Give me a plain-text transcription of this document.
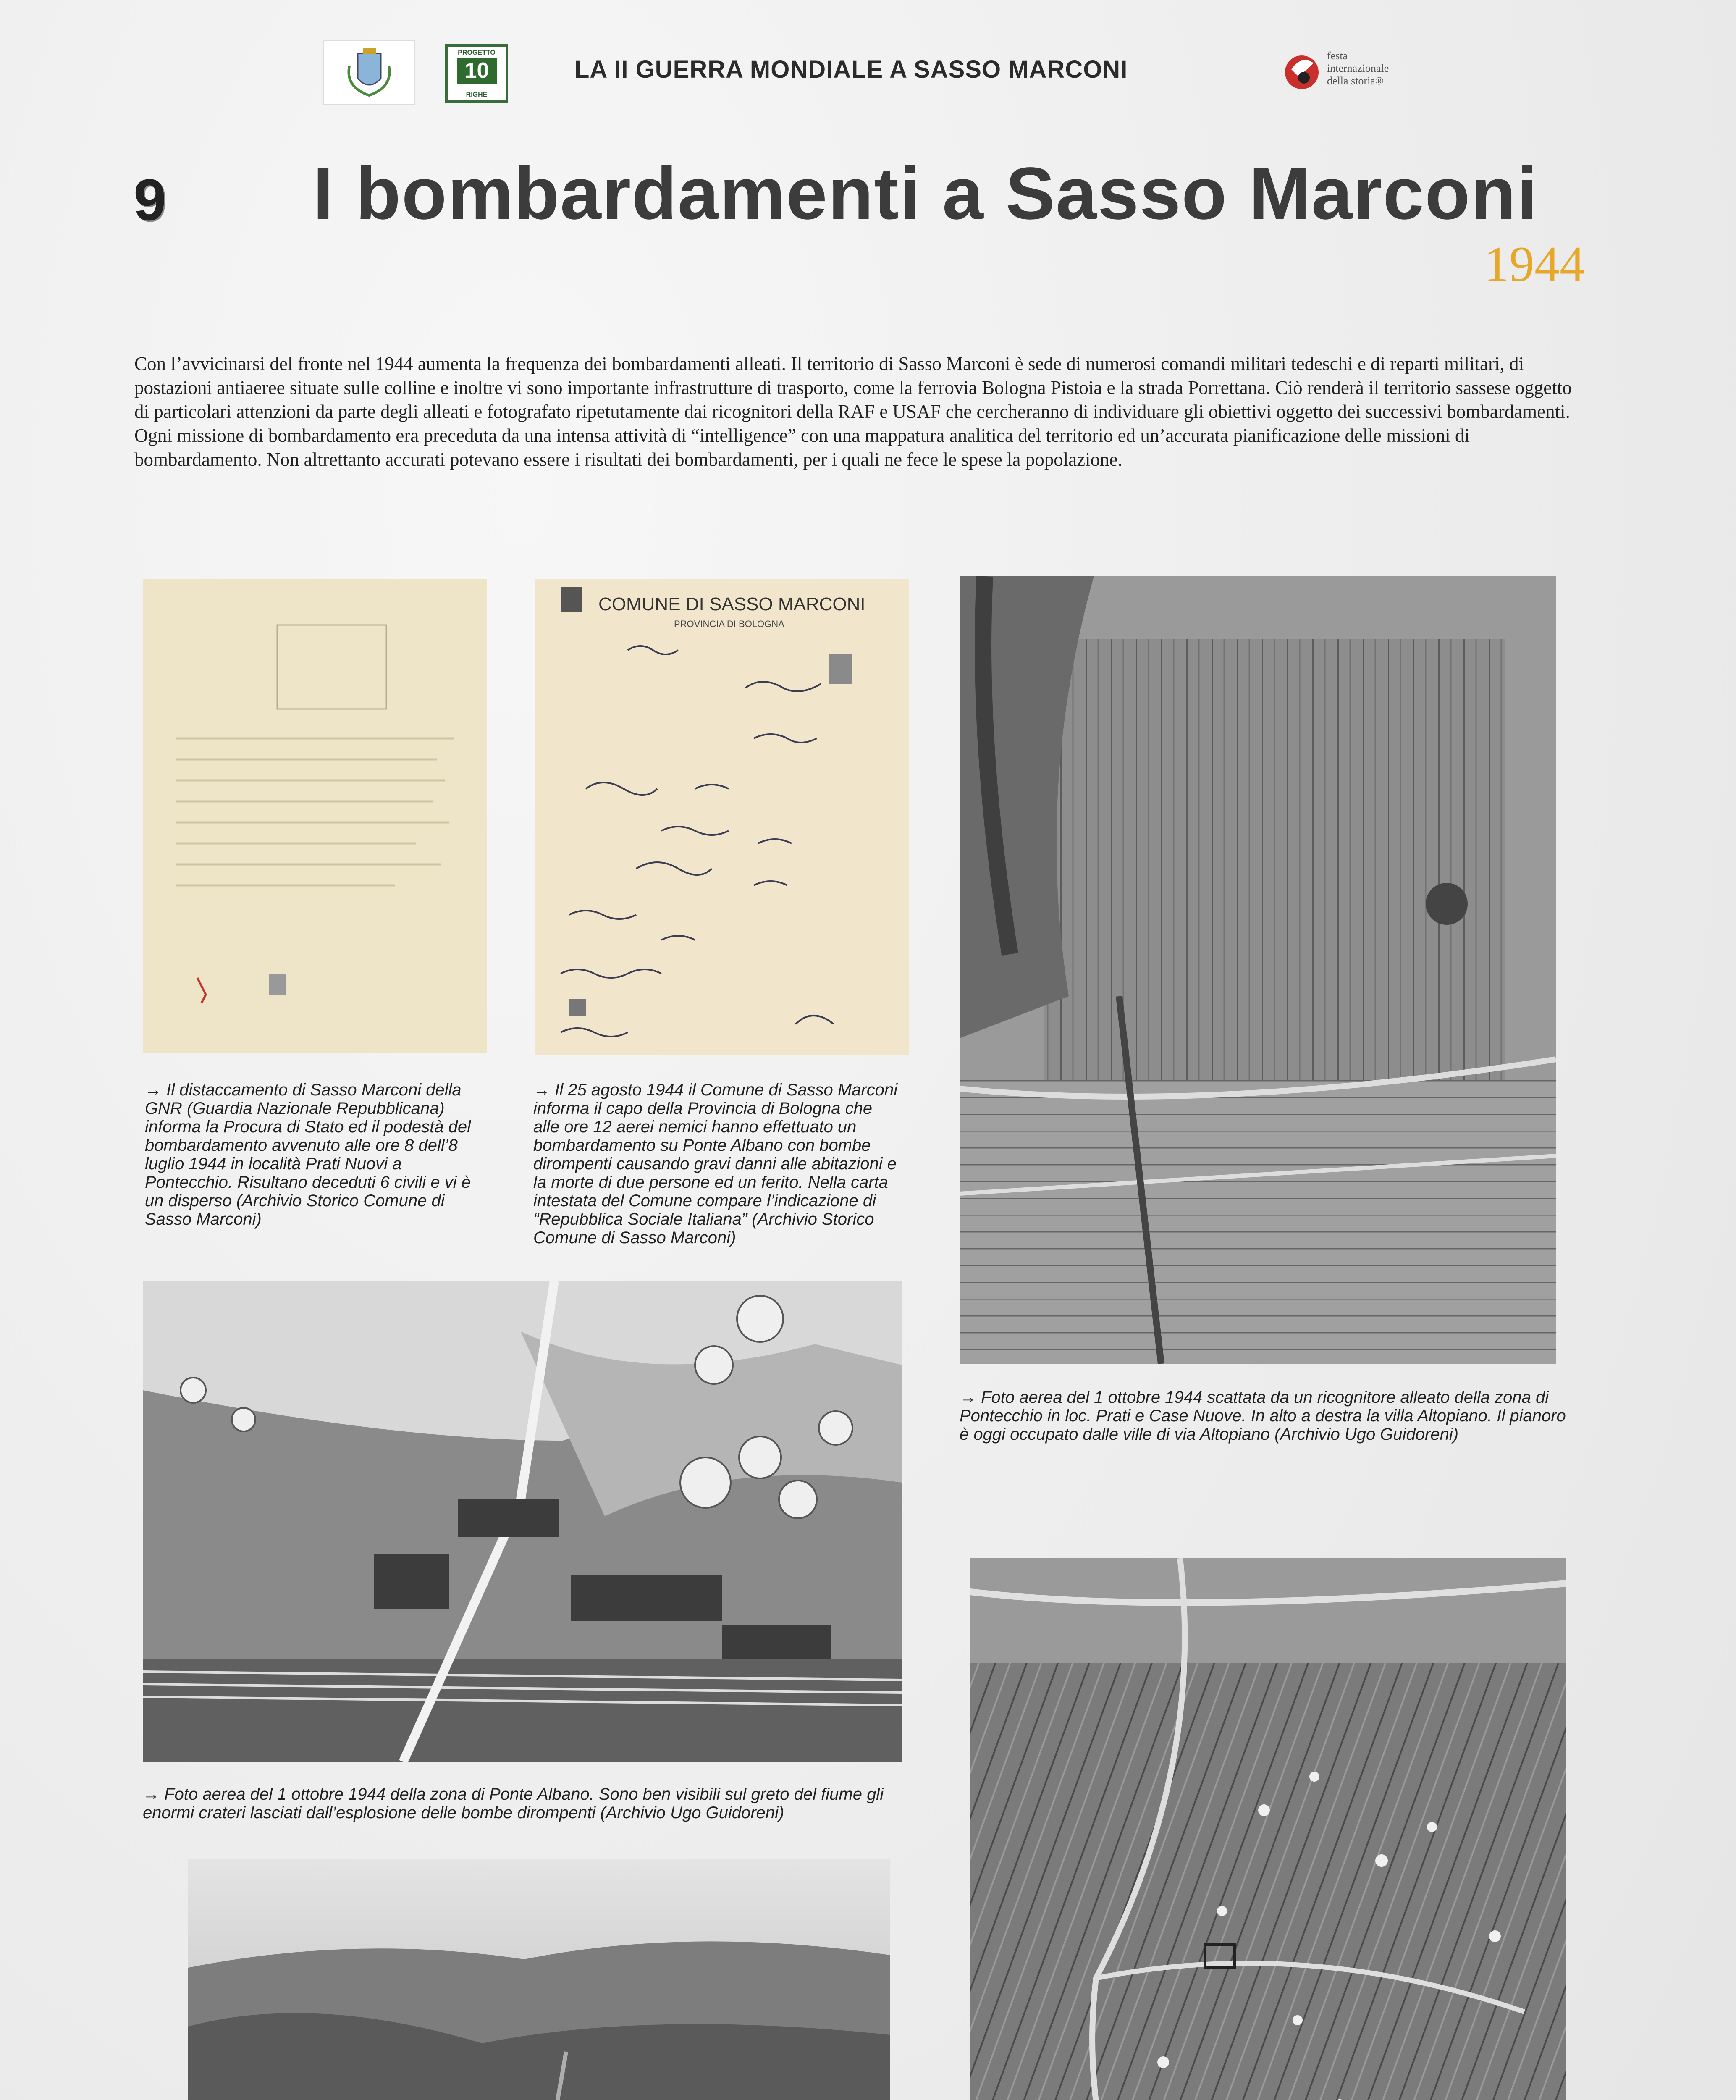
PROGETTO
10
RIGHE
LA II GUERRA MONDIALE A SASSO MARCONI
festa
internazionale
della storia®
9 I bombardamenti a Sasso Marconi
1944

Con l’avvicinarsi del fronte nel 1944 aumenta la frequenza dei bombardamenti alleati. Il territorio di Sasso Marconi è sede di numerosi comandi militari tedeschi e di reparti militari, di postazioni antiaeree situate sulle colline e inoltre vi sono importante infrastrutture di trasporto, come la ferrovia Bologna Pistoia e la strada Porrettana. Ciò renderà il territorio sassese oggetto di particolari attenzioni da parte degli alleati e fotografato ripetutamente dai ricognitori della RAF e USAF che cercheranno di individuare gli obiettivi oggetto dei successivi bombardamenti.

Ogni missione di bombardamento era preceduta da una intensa attività di “intelligence” con una mappatura analitica del territorio ed un’accurata pianificazione delle missioni di bombardamento. Non altrettanto accurati potevano essere i risultati dei bombardamenti, per i quali ne fece le spese la popolazione.

COMUNE DI SASSO MARCONI
PROVINCIA DI BOLOGNA
→ Il distaccamento di Sasso Marconi della GNR (Guardia Nazionale Repubblicana) informa la Procura di Stato ed il podestà del bombardamento avvenuto alle ore 8 dell’8 luglio 1944 in località Prati Nuovi a Pontecchio. Risultano deceduti 6 civili e vi è un disperso (Archivio Storico Comune di Sasso Marconi)
→ Il 25 agosto 1944 il Comune di Sasso Marconi informa il capo della Provincia di Bologna che alle ore 12 aerei nemici hanno effettuato un bombardamento su Ponte Albano con bombe dirompenti causando gravi danni alle abitazioni e la morte di due persone ed un ferito. Nella carta intestata del Comune compare l’indicazione di “Repubblica Sociale Italiana” (Archivio Storico Comune di Sasso Marconi)
→ Foto aerea del 1 ottobre 1944 scattata da un ricognitore alleato della zona di Pontecchio in loc. Prati e Case Nuove. In alto a destra la villa Altopiano. Il pianoro è oggi occupato dalle ville di via Altopiano (Archivio Ugo Guidoreni)
→ Foto aerea del 1 ottobre 1944 della zona di Ponte Albano. Sono ben visibili sul greto del fiume gli enormi crateri lasciati dall’esplosione delle bombe dirompenti (Archivio Ugo Guidoreni)
